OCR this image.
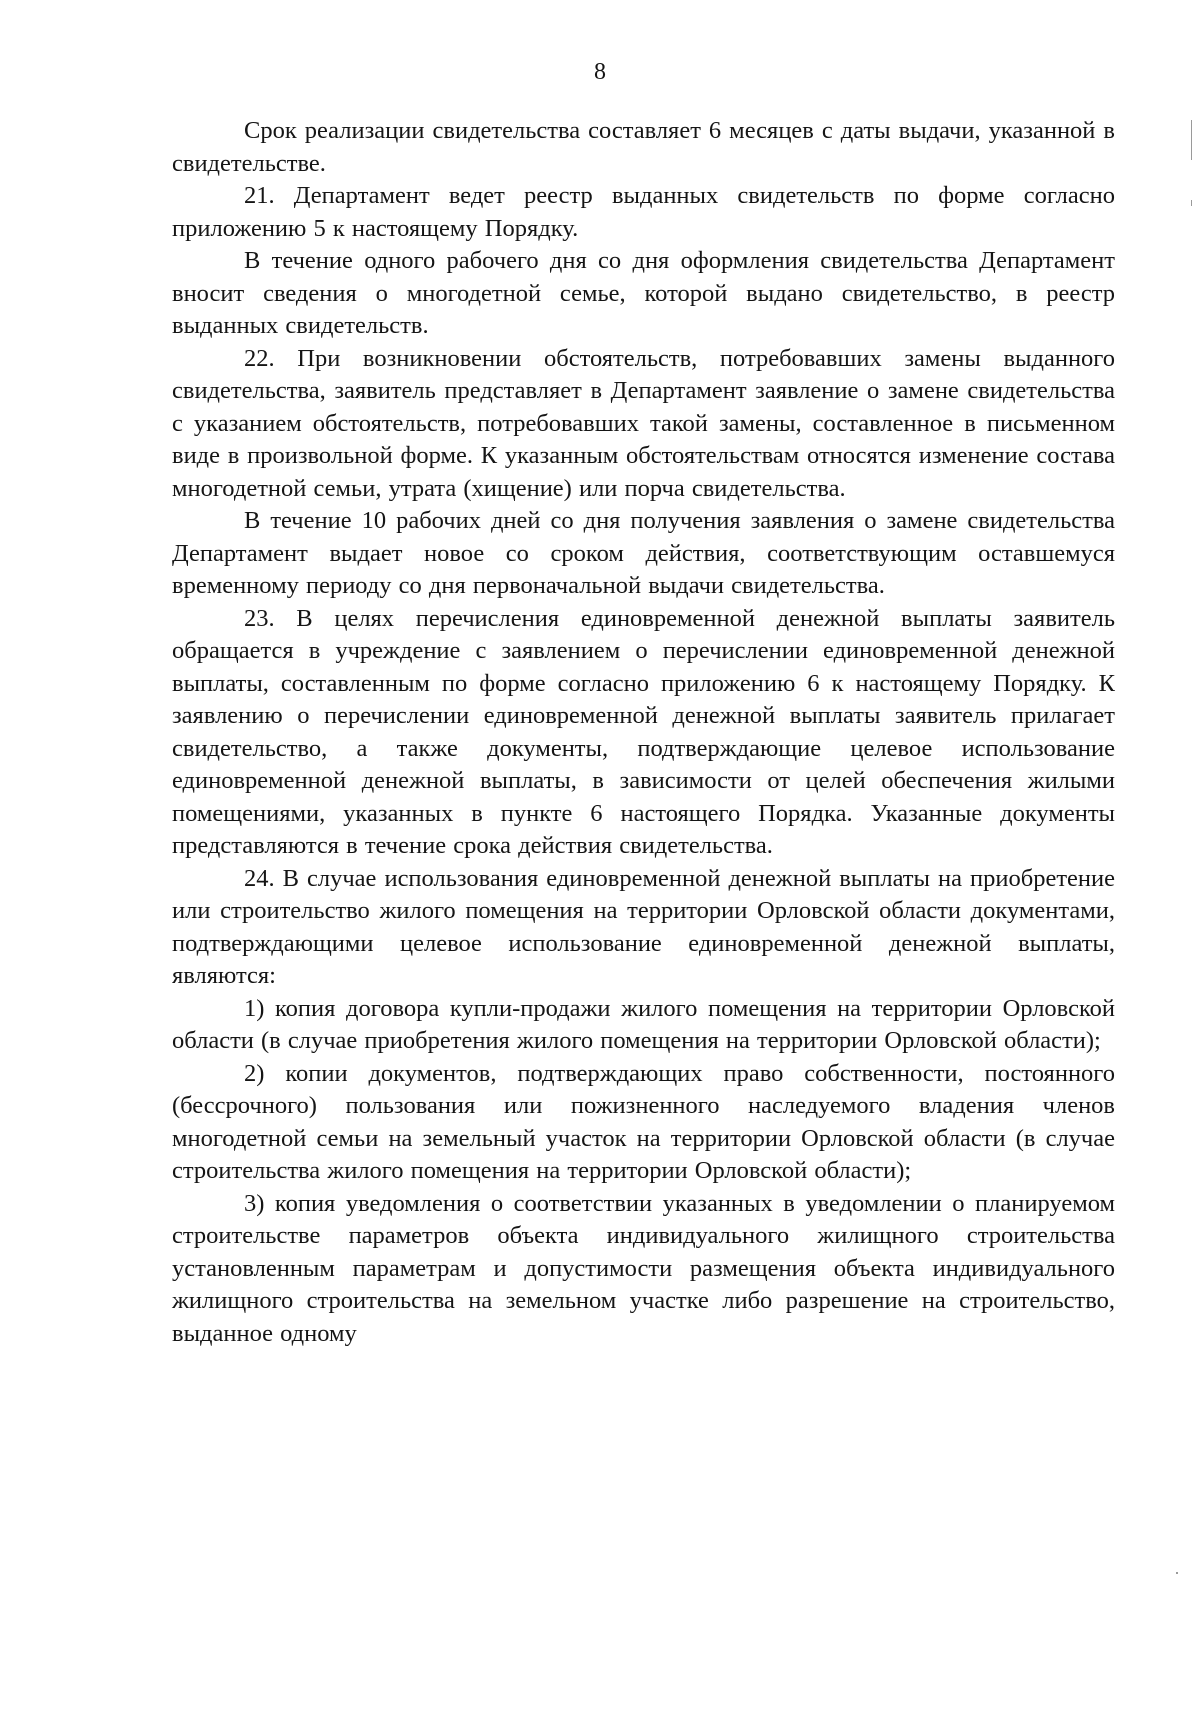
8

Срок реализации свидетельства составляет 6 месяцев с даты выдачи, указанной в свидетельстве.

21. Департамент ведет реестр выданных свидетельств по форме согласно приложению 5 к настоящему Порядку.

В течение одного рабочего дня со дня оформления свидетельства Департамент вносит сведения о многодетной семье, которой выдано свидетельство, в реестр выданных свидетельств.

22. При возникновении обстоятельств, потребовавших замены выданного свидетельства, заявитель представляет в Департамент заявление о замене свидетельства с указанием обстоятельств, потребовавших такой замены, составленное в письменном виде в произвольной форме. К указанным обстоятельствам относятся изменение состава многодетной семьи, утрата (хищение) или порча свидетельства.

В течение 10 рабочих дней со дня получения заявления о замене свидетельства Департамент выдает новое со сроком действия, соответствующим оставшемуся временному периоду со дня первоначальной выдачи свидетельства.

23. В целях перечисления единовременной денежной выплаты заявитель обращается в учреждение с заявлением о перечислении единовременной денежной выплаты, составленным по форме согласно приложению 6 к настоящему Порядку. К заявлению о перечислении единовременной денежной выплаты заявитель прилагает свидетельство, а также документы, подтверждающие целевое использование единовременной денежной выплаты, в зависимости от целей обеспечения жилыми помещениями, указанных в пункте 6 настоящего Порядка. Указанные документы представляются в течение срока действия свидетельства.

24. В случае использования единовременной денежной выплаты на приобретение или строительство жилого помещения на территории Орловской области документами, подтверждающими целевое использование единовременной денежной выплаты, являются:

1) копия договора купли-продажи жилого помещения на территории Орловской области (в случае приобретения жилого помещения на территории Орловской области);

2) копии документов, подтверждающих право собственности, постоянного (бессрочного) пользования или пожизненного наследуемого владения членов многодетной семьи на земельный участок на территории Орловской области (в случае строительства жилого помещения на территории Орловской области);

3) копия уведомления о соответствии указанных в уведомлении о планируемом строительстве параметров объекта индивидуального жилищного строительства установленным параметрам и допустимости размещения объекта индивидуального жилищного строительства на земельном участке либо разрешение на строительство, выданное одному
